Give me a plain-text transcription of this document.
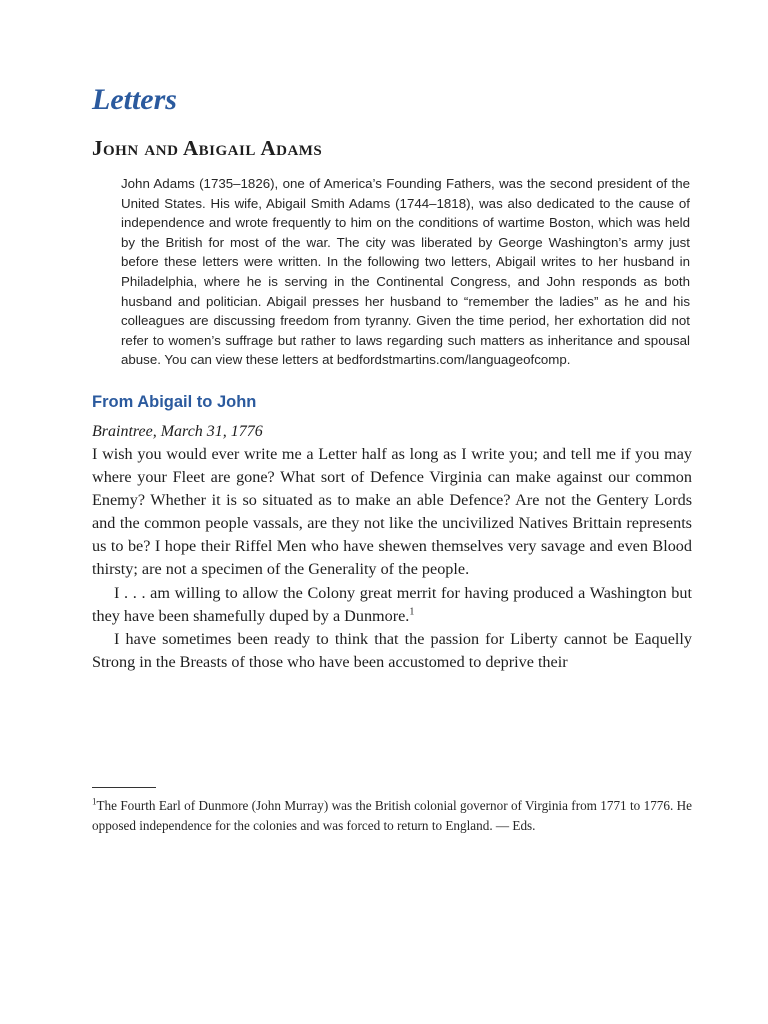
Letters
John and Abigail Adams

John Adams (1735–1826), one of America’s Founding Fathers, was the second president of the United States. His wife, Abigail Smith Adams (1744–1818), was also dedicated to the cause of independence and wrote frequently to him on the conditions of wartime Boston, which was held by the British for most of the war. The city was liberated by George Washington’s army just before these letters were written. In the following two letters, Abigail writes to her husband in Philadelphia, where he is serving in the Continental Congress, and John responds as both husband and politician. Abigail presses her husband to “remember the ladies” as he and his colleagues are discussing freedom from tyranny. Given the time period, her exhortation did not refer to women’s suffrage but rather to laws regarding such matters as inheritance and spousal abuse. You can view these letters at bedfordstmartins.com/languageofcomp.

From Abigail to John
Braintree, March 31, 1776

I wish you would ever write me a Letter half as long as I write you; and tell me if you may where your Fleet are gone? What sort of Defence Virginia can make against our common Enemy? Whether it is so situated as to make an able Defence? Are not the Gentery Lords and the common people vassals, are they not like the uncivilized Natives Brittain represents us to be? I hope their Riffel Men who have shewen themselves very savage and even Blood thirsty; are not a specimen of the Generality of the people.

I . . . am willing to allow the Colony great merrit for having produced a Washington but they have been shamefully duped by a Dunmore.$^1$

I have sometimes been ready to think that the passion for Liberty cannot be Eaquelly Strong in the Breasts of those who have been accustomed to deprive their

$^1$The Fourth Earl of Dunmore (John Murray) was the British colonial governor of Virginia from 1771 to 1776. He opposed independence for the colonies and was forced to return to England. — Eds.
